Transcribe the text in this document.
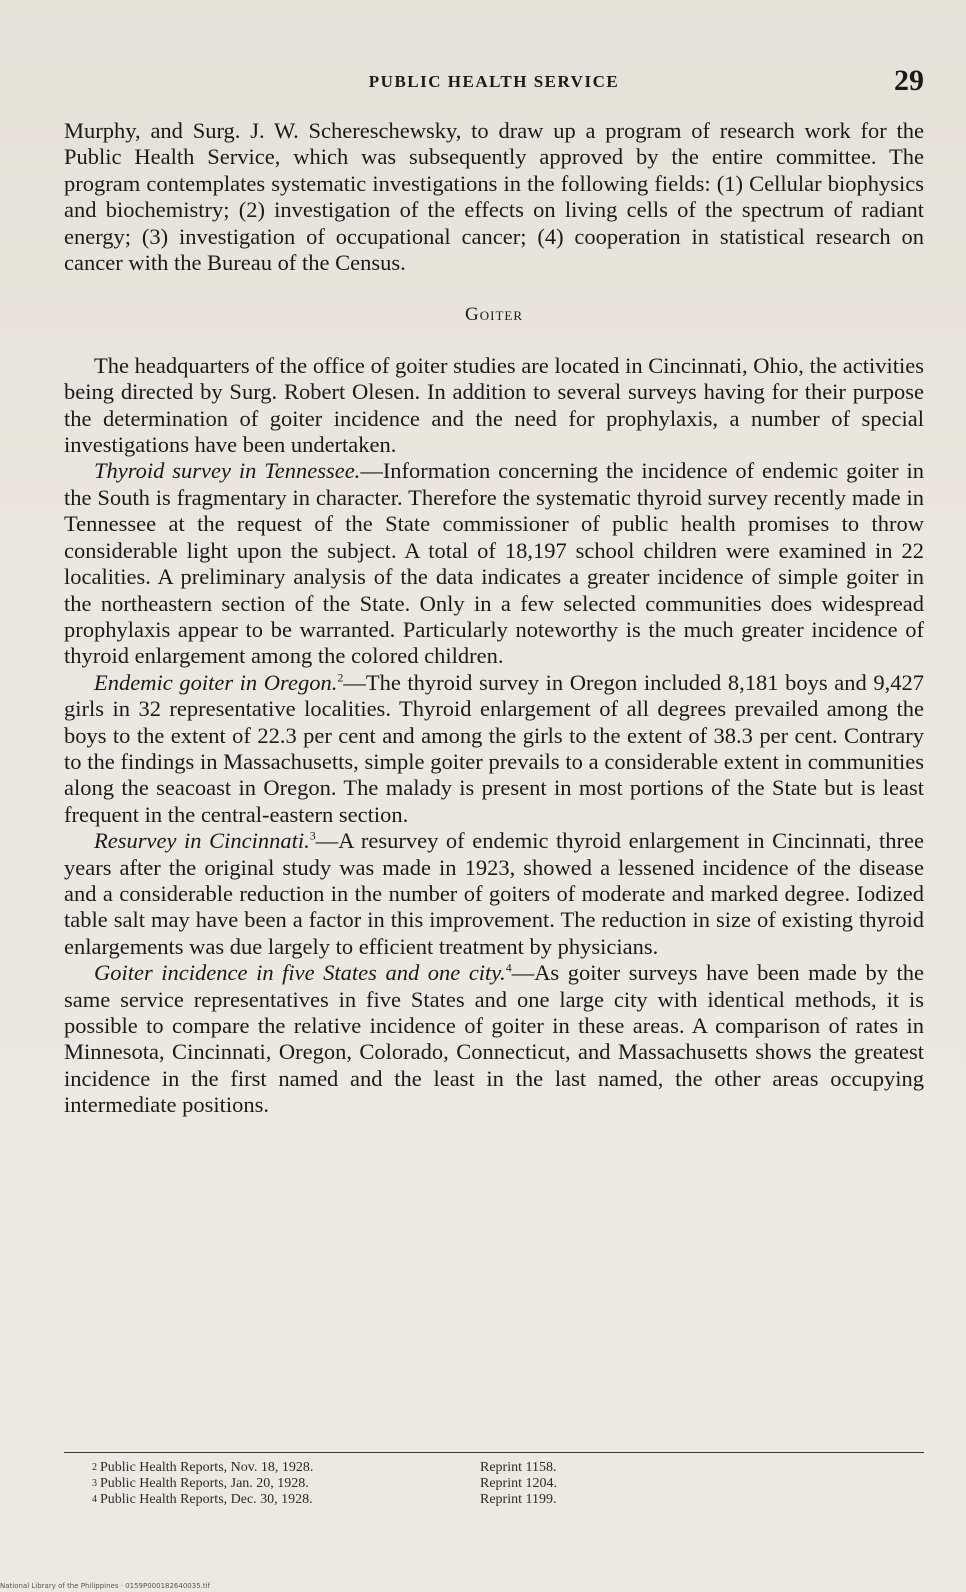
PUBLIC HEALTH SERVICE	29

Murphy, and Surg. J. W. Schereschewsky, to draw up a program of research work for the Public Health Service, which was subsequently approved by the entire committee. The program contemplates systematic investigations in the following fields: (1) Cellular biophysics and biochemistry; (2) investigation of the effects on living cells of the spectrum of radiant energy; (3) investigation of occupational cancer; (4) cooperation in statistical research on cancer with the Bureau of the Census.

Goiter

The headquarters of the office of goiter studies are located in Cincinnati, Ohio, the activities being directed by Surg. Robert Olesen. In addition to several surveys having for their purpose the determination of goiter incidence and the need for prophylaxis, a number of special investigations have been undertaken.

Thyroid survey in Tennessee.—Information concerning the incidence of endemic goiter in the South is fragmentary in character. Therefore the systematic thyroid survey recently made in Tennessee at the request of the State commissioner of public health promises to throw considerable light upon the subject. A total of 18,197 school children were examined in 22 localities. A preliminary analysis of the data indicates a greater incidence of simple goiter in the northeastern section of the State. Only in a few selected communities does widespread prophylaxis appear to be warranted. Particularly noteworthy is the much greater incidence of thyroid enlargement among the colored children.

Endemic goiter in Oregon.$^2$—The thyroid survey in Oregon included 8,181 boys and 9,427 girls in 32 representative localities. Thyroid enlargement of all degrees prevailed among the boys to the extent of 22.3 per cent and among the girls to the extent of 38.3 per cent. Contrary to the findings in Massachusetts, simple goiter prevails to a considerable extent in communities along the seacoast in Oregon. The malady is present in most portions of the State but is least frequent in the central-eastern section.

Resurvey in Cincinnati.$^3$—A resurvey of endemic thyroid enlargement in Cincinnati, three years after the original study was made in 1923, showed a lessened incidence of the disease and a considerable reduction in the number of goiters of moderate and marked degree. Iodized table salt may have been a factor in this improvement. The reduction in size of existing thyroid enlargements was due largely to efficient treatment by physicians.

Goiter incidence in five States and one city.$^4$—As goiter surveys have been made by the same service representatives in five States and one large city with identical methods, it is possible to compare the relative incidence of goiter in these areas. A comparison of rates in Minnesota, Cincinnati, Oregon, Colorado, Connecticut, and Massachusetts shows the greatest incidence in the first named and the least in the last named, the other areas occupying intermediate positions.

2 Public Health Reports, Nov. 18, 1928.	Reprint 1158.
3 Public Health Reports, Jan. 20, 1928.	Reprint 1204.
4 Public Health Reports, Dec. 30, 1928.	Reprint 1199.
National Library of the Philippines · 0159P000182640035.tif
